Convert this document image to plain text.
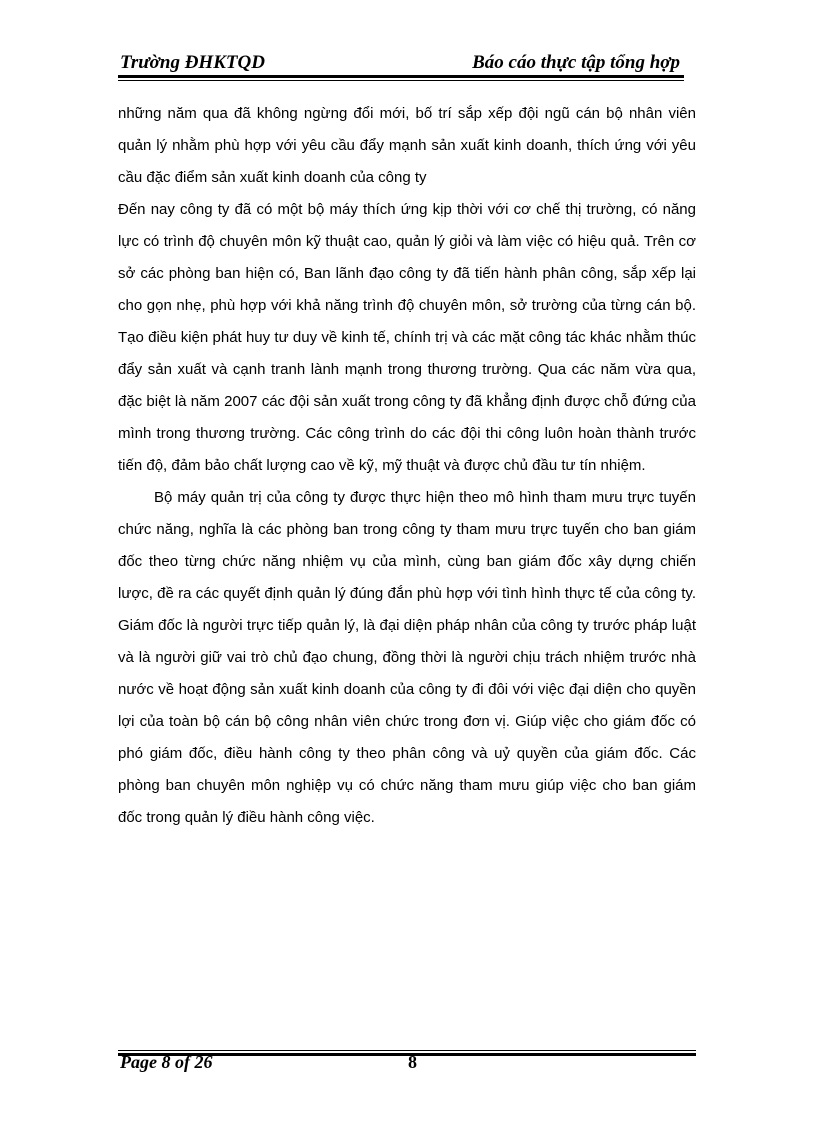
Trường ĐHKTQD	Báo cáo thực tập tổng hợp

những năm qua đã không ngừng đổi mới, bố trí sắp xếp đội ngũ cán bộ nhân viên quản lý nhằm phù hợp với yêu cầu đẩy mạnh sản xuất kinh doanh, thích ứng với yêu cầu đặc điểm sản xuất kinh doanh của công ty

Đến nay công ty đã có một bộ máy thích ứng kịp thời với cơ chế thị trường, có năng lực có trình độ chuyên môn kỹ thuật cao, quản lý giỏi và làm việc có hiệu quả. Trên cơ sở các phòng ban hiện có, Ban lãnh đạo công ty đã tiến hành phân công, sắp xếp lại cho gọn nhẹ, phù hợp với khả năng trình độ chuyên môn, sở trường của từng cán bộ. Tạo điều kiện phát huy tư duy về kinh tế, chính trị và các mặt công tác khác nhằm thúc đẩy sản xuất và cạnh tranh lành mạnh trong thương trường. Qua các năm vừa qua, đặc biệt là năm 2007 các đội sản xuất trong công ty đã khẳng định được chỗ đứng của mình trong thương trường. Các công trình do các đội thi công luôn hoàn thành trước tiến độ, đảm bảo chất lượng cao về kỹ, mỹ thuật và được chủ đầu tư tín nhiệm.

Bộ máy quản trị của công ty được thực hiện theo mô hình tham mưu trực tuyến chức năng, nghĩa là các phòng ban trong công ty tham mưu trực tuyến cho ban giám đốc theo từng chức năng nhiệm vụ của mình, cùng ban giám đốc xây dựng chiến lược, đề ra các quyết định quản lý đúng đắn phù hợp với tình hình thực tế của công ty. Giám đốc là người trực tiếp quản lý, là đại diện pháp nhân của công ty trước pháp luật và là người giữ vai trò chủ đạo chung, đồng thời là người chịu trách nhiệm trước nhà nước về hoạt động sản xuất kinh doanh của công ty đi đôi với việc đại diện cho quyền lợi của toàn bộ cán bộ công nhân viên chức trong đơn vị. Giúp việc cho giám đốc có phó giám đốc, điều hành công ty theo phân công và uỷ quyền của giám đốc. Các phòng ban chuyên môn nghiệp vụ có chức năng tham mưu giúp việc cho ban giám đốc trong quản lý điều hành công việc.

Page 8 of 26	8
